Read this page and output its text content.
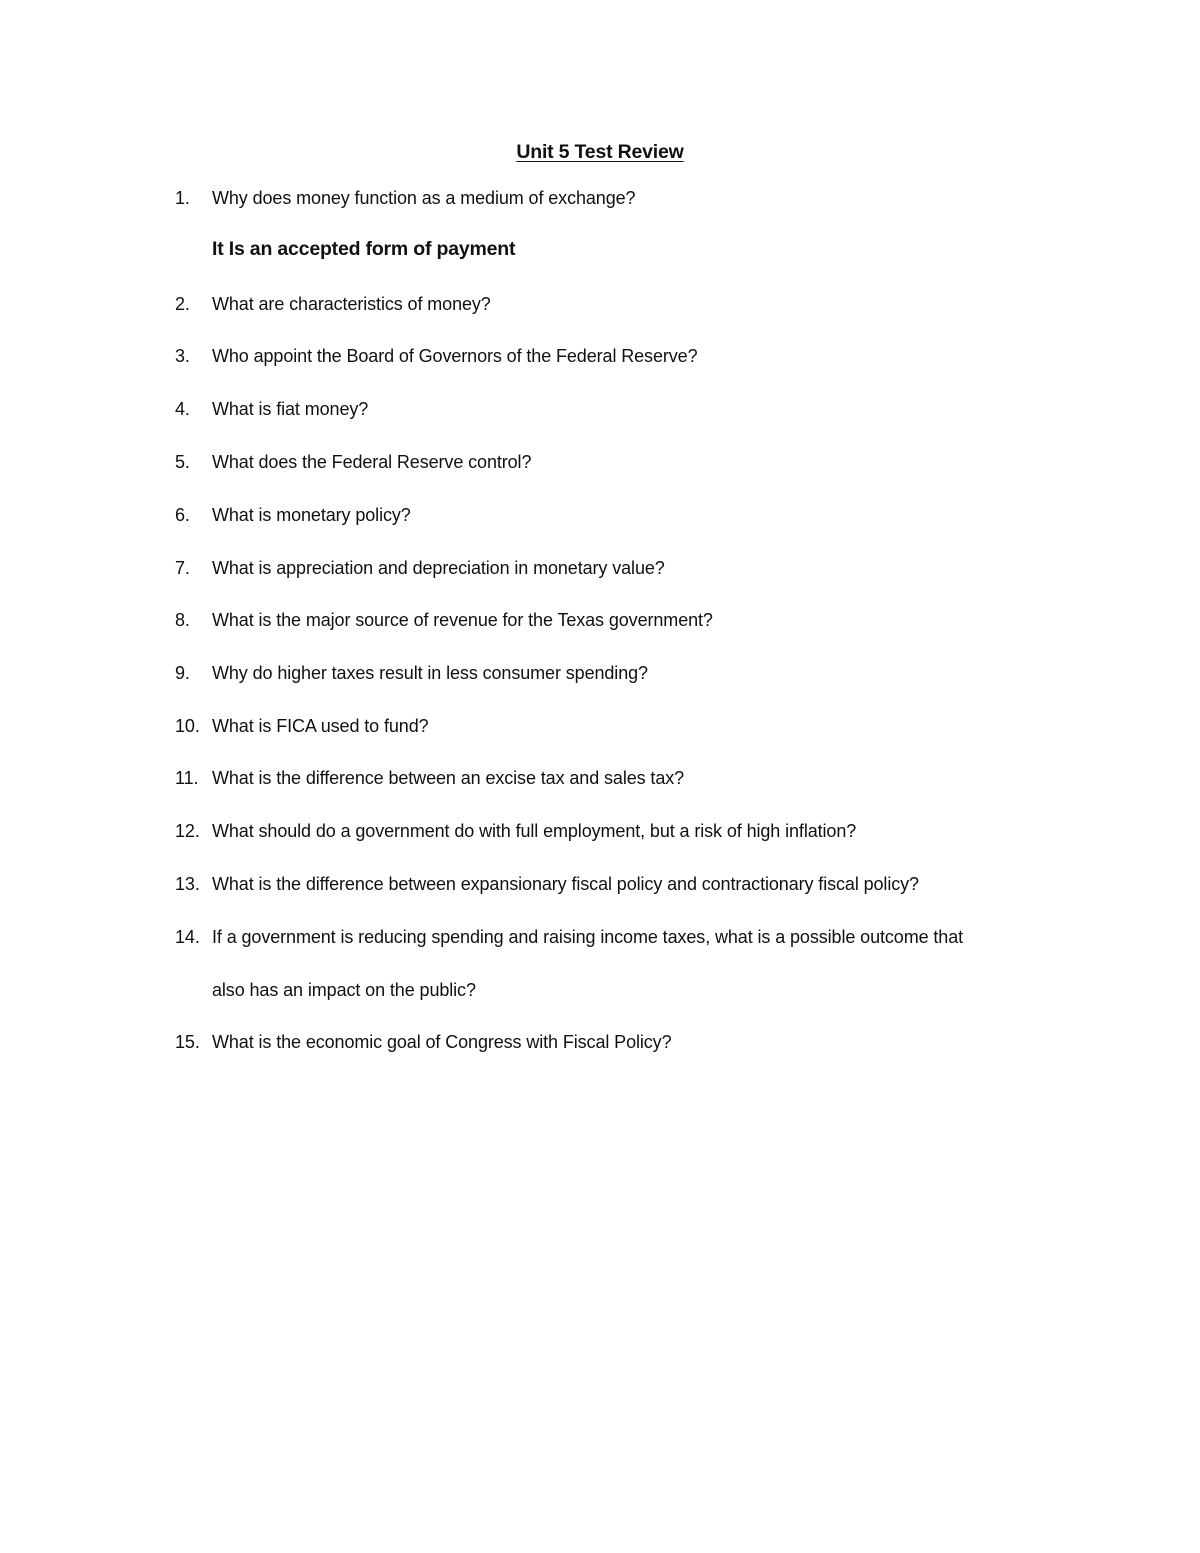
Unit 5 Test Review
1. Why does money function as a medium of exchange?
It Is an accepted form of payment
2. What are characteristics of money?
3. Who appoint the Board of Governors of the Federal Reserve?
4. What is fiat money?
5. What does the Federal Reserve control?
6. What is monetary policy?
7. What is appreciation and depreciation in monetary value?
8. What is the major source of revenue for the Texas government?
9. Why do higher taxes result in less consumer spending?
10. What is FICA used to fund?
11. What is the difference between an excise tax and sales tax?
12. What should do a government do with full employment, but a risk of high inflation?
13. What is the difference between expansionary fiscal policy and contractionary fiscal policy?
14. If a government is reducing spending and raising income taxes, what is a possible outcome that
also has an impact on the public?
15. What is the economic goal of Congress with Fiscal Policy?
